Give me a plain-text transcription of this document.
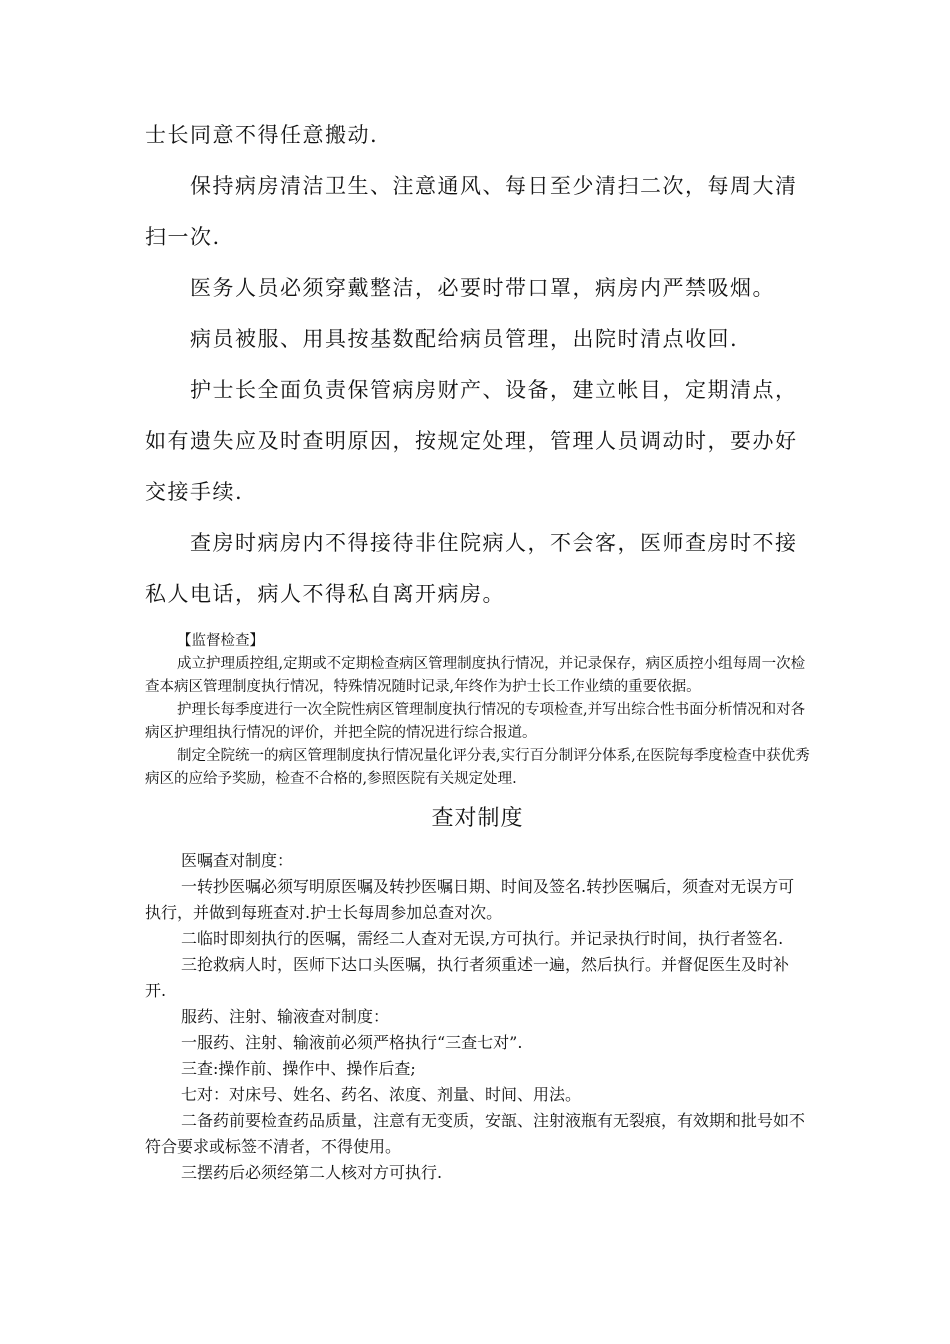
士长同意不得任意搬动.

保持病房清洁卫生、注意通风、每日至少清扫二次，每周大清扫一次.

医务人员必须穿戴整洁，必要时带口罩，病房内严禁吸烟。

病员被服、用具按基数配给病员管理，出院时清点收回.

护士长全面负责保管病房财产、设备，建立帐目，定期清点，如有遗失应及时查明原因，按规定处理，管理人员调动时，要办好交接手续.

查房时病房内不得接待非住院病人，不会客，医师查房时不接私人电话，病人不得私自离开病房。

【监督检查】

成立护理质控组,定期或不定期检查病区管理制度执行情况，并记录保存，病区质控小组每周一次检查本病区管理制度执行情况，特殊情况随时记录,年终作为护士长工作业绩的重要依据。

护理长每季度进行一次全院性病区管理制度执行情况的专项检查,并写出综合性书面分析情况和对各病区护理组执行情况的评价，并把全院的情况进行综合报道。

制定全院统一的病区管理制度执行情况量化评分表,实行百分制评分体系,在医院每季度检查中获优秀病区的应给予奖励，检查不合格的,参照医院有关规定处理.

查对制度

医嘱查对制度：

一转抄医嘱必须写明原医嘱及转抄医嘱日期、时间及签名.转抄医嘱后，须查对无误方可执行，并做到每班查对.护士长每周参加总查对次。

二临时即刻执行的医嘱，需经二人查对无误,方可执行。并记录执行时间，执行者签名.

三抢救病人时，医师下达口头医嘱，执行者须重述一遍，然后执行。并督促医生及时补开.

服药、注射、输液查对制度：

一服药、注射、输液前必须严格执行“三查七对”.

三查:操作前、操作中、操作后查;

七对：对床号、姓名、药名、浓度、剂量、时间、用法。

二备药前要检查药品质量，注意有无变质，安瓿、注射液瓶有无裂痕，有效期和批号如不符合要求或标签不清者，不得使用。

三摆药后必须经第二人核对方可执行.
